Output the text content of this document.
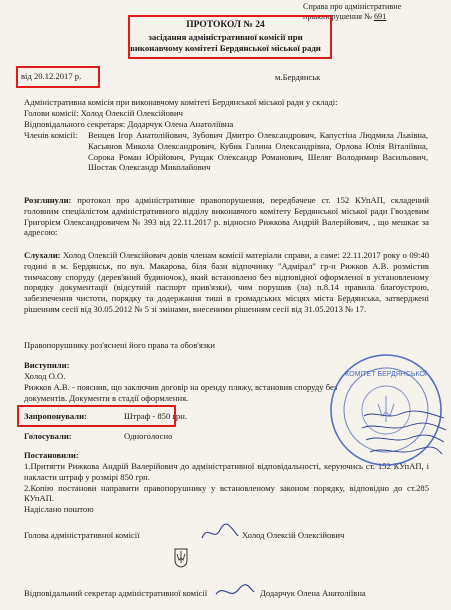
Справа про адміністративне
правопорушення № 691
ПРОТОКОЛ № 24
засідання адміністративної комісії при
виконавчому комітеті Бердянської міської ради
від 20.12.2017 р.	м.Бердянськ

Адміністративна комісія при виконавчому комітеті Бердянської міської ради у складі:

Голови комісії: Холод Олексій Олексійович

Відповідального секретаря: Додарчук Олена Анатоліївна

Членів комісії: Венцев Ігор Анатолійович, Зубович Дмитро Олександрович, Капустіна Людмила Львівна, Касьянов Микола Олександрович, Кубик Галина Олександрівна, Орлова Юлія Віталіївна, Сорока Роман Юрійович, Рущак Олександр Романович, Шеляг Володимир Васильович, Шостак Олександр Миколайович
Розглянули: протокол про адміністративне правопорушення, передбачене ст. 152 КУпАП, складений головним спеціалістом адміністративного відділу виконавчого комітету Бердянської міської ради Гвоздевим Григорієм Олександровичем № 393 від 22.11.2017 р. відносно Рижкова Андрій Валерійович, , що мешкає за адресою:
Слухали: Холод Олексій Олексійович довів членам комісії матеріали справи, а саме: 22.11.2017 року о 09:40 годині в м. Бердянськ, по вул. Макарова, біля бази відпочинку "Адмірал" гр-н Рижков А.В. розмістив тимчасову споруду (дерев'яний будиночок), який встановлено без відповідної оформленої в установленому порядку документації (відсутній паспорт прив'язки), чим порушив (ла) п.8.14 правила благоустрою, забезпечення чистоти, порядку та додержання тиші в громадських місцях міста Бердянська, затверджені рішенням сесії від 30.05.2012 № 5 зі змінами, внесеними рішенням сесії від 31.05.2013 № 17.
Правопорушнику роз'яснені його права та обов'язки
Виступили:
Холод О.О.
Рижков А.В. - пояснив, що заключив договір на оренду пляжу, встановив споруду без документів. Документи в стадії оформлення.
Запропонували:	Штраф - 850 грн.
Голосували:	Одноголосно
Постановили:

1.Притягти Рижкова Андрій Валерійович до адміністративної відповідальності, керуючись ст. 152 КУпАП, і накласти штраф у розмірі 850 грн.

2.Копію постанови направити правопорушнику у встановленому законом порядку, відповідно до ст.285 КУпАП.

Надіслано поштою

Голова адміністративної комісії	Холод Олексій Олексійович
Відповідальний секретар адміністративної комісії	Додарчук Олена Анатоліївна
КОМІТЕТ БЕРДЯНСЬКОЇ
